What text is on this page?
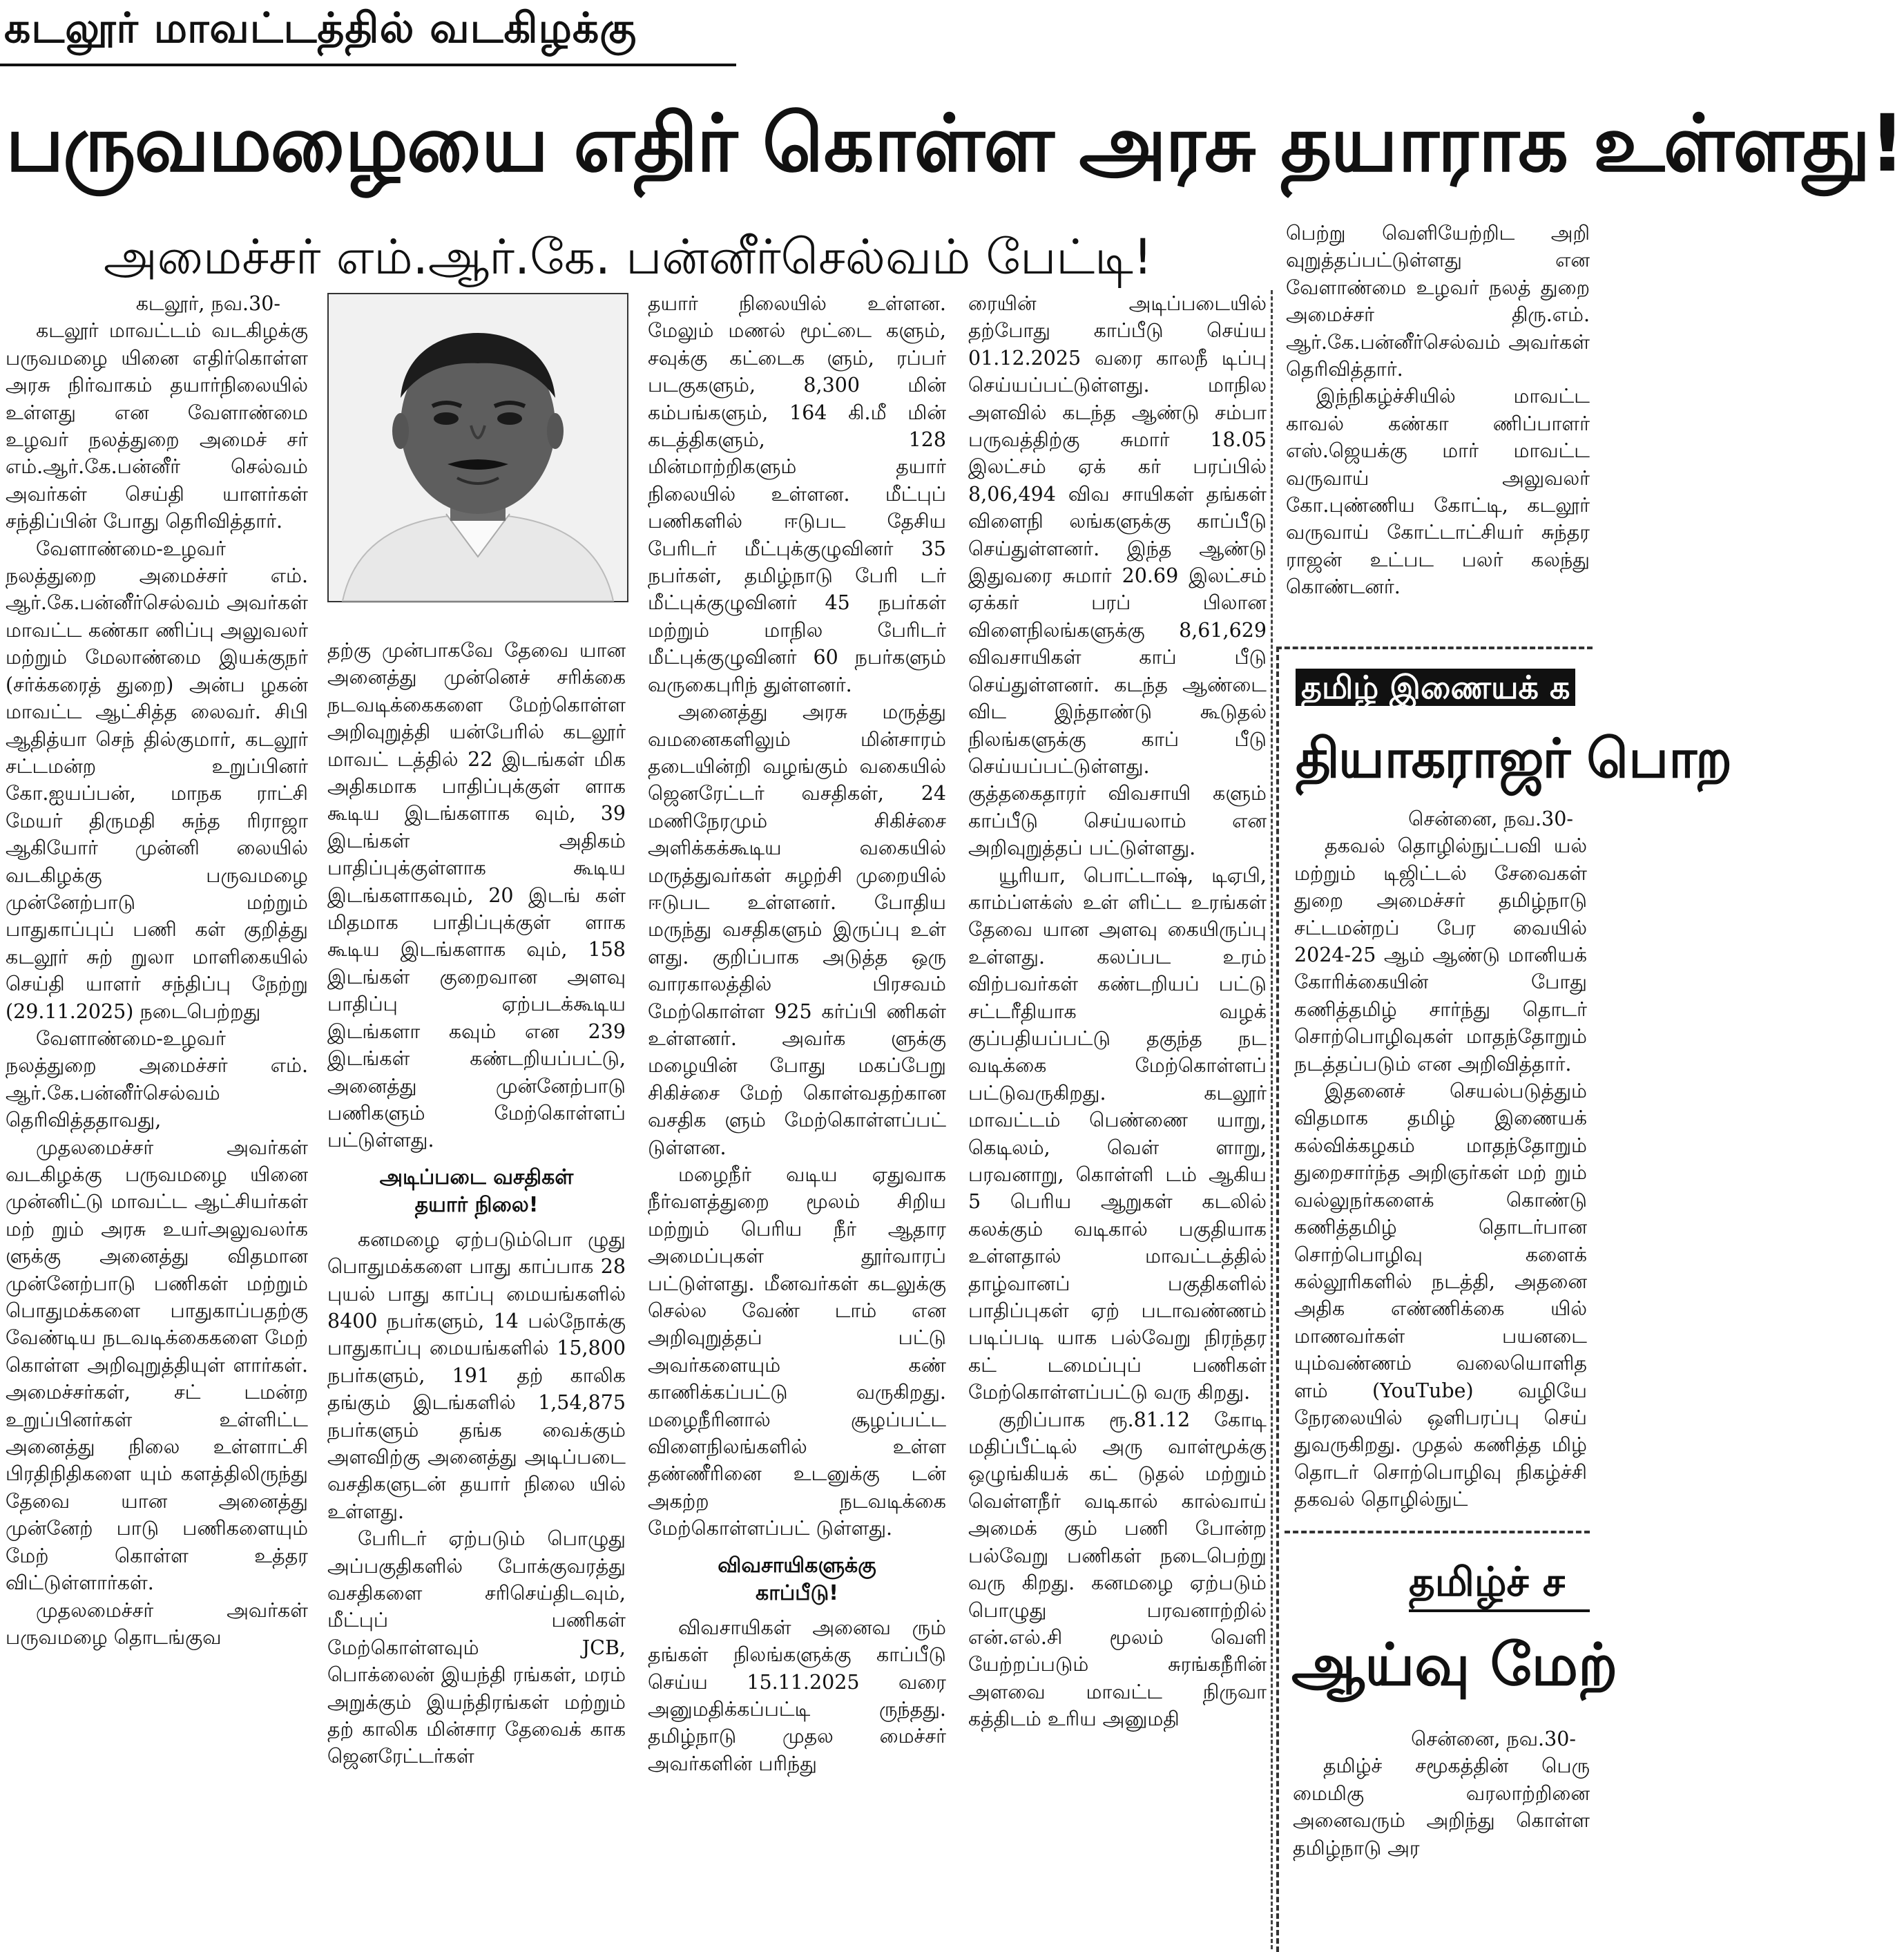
கடலூர் மாவட்டத்தில் வடகிழக்கு
பருவமழையை எதிர் கொள்ள அரசு தயாராக உள்ளது!
அமைச்சர் எம்.ஆர்.கே. பன்னீர்செல்வம் பேட்டி!

கடலூர், நவ.30-

கடலூர் மாவட்டம் வடகிழக்கு பருவமழை யினை எதிர்கொள்ள அரசு நிர்வாகம் தயார்நிலையில் உள்ளது என வேளாண்மை உழவர் நலத்துறை அமைச் சர் எம்.ஆர்.கே.பன்னீர் செல்வம் அவர்கள் செய்தி யாளர்கள் சந்திப்பின் போது தெரிவித்தார்.

வேளாண்மை-உழவர் நலத்துறை அமைச்சர் எம். ஆர்.கே.பன்னீர்செல்வம் அவர்கள் மாவட்ட கண்கா ணிப்பு அலுவலர் மற்றும் மேலாண்மை இயக்குநர் (சர்க்கரைத் துறை) அன்ப ழகன் மாவட்ட ஆட்சித்த லைவர். சிபி ஆதித்யா செந் தில்குமார், கடலூர் சட்டமன்ற உறுப்பினர் கோ.ஐயப்பன், மாநக ராட்சி மேயர் திருமதி சுந்த ரிராஜா ஆகியோர் முன்னி லையில் வடகிழக்கு பருவமழை முன்னேற்பாடு மற்றும் பாதுகாப்புப் பணி கள் குறித்து கடலூர் சுற் றுலா மாளிகையில் செய்தி யாளர் சந்திப்பு நேற்று (29.11.2025) நடைபெற்றது

வேளாண்மை-உழவர் நலத்துறை அமைச்சர் எம். ஆர்.கே.பன்னீர்செல்வம் தெரிவித்ததாவது,

முதலமைச்சர் அவர்கள் வடகிழக்கு பருவமழை யினை முன்னிட்டு மாவட்ட ஆட்சியர்கள் மற் றும் அரசு உயர்அலுவலர்க ளுக்கு அனைத்து விதமான முன்னேற்பாடு பணிகள் மற்றும் பொதுமக்களை பாதுகாப்பதற்கு வேண்டிய நடவடிக்கைகளை மேற் கொள்ள அறிவுறுத்தியுள் ளார்கள். அமைச்சர்கள், சட் டமன்ற உறுப்பினர்கள் உள்ளிட்ட அனைத்து நிலை உள்ளாட்சி பிரதிநிதிகளை யும் களத்திலிருந்து தேவை யான அனைத்து முன்னேற் பாடு பணிகளையும் மேற் கொள்ள உத்தர விட்டுள்ளார்கள்.

முதலமைச்சர் அவர்கள் பருவமழை தொடங்குவ

தற்கு முன்பாகவே தேவை யான அனைத்து முன்னெச் சரிக்கை நடவடிக்கைகளை மேற்கொள்ள அறிவுறுத்தி யன்பேரில் கடலூர் மாவட் டத்தில் 22 இடங்கள் மிக அதிகமாக பாதிப்புக்குள் ளாக கூடிய இடங்களாக வும், 39 இடங்கள் அதிகம் பாதிப்புக்குள்ளாக கூடிய இடங்களாகவும், 20 இடங் கள் மிதமாக பாதிப்புக்குள் ளாக கூடிய இடங்களாக வும், 158 இடங்கள் குறைவான அளவு பாதிப்பு ஏற்படக்கூடிய இடங்களா கவும் என 239 இடங்கள் கண்டறியப்பட்டு, அனைத்து முன்னேற்பாடு பணிகளும் மேற்கொள்ளப் பட்டுள்ளது.

அடிப்படை வசதிகள்
தயார் நிலை!

கனமழை ஏற்படும்பொ ழுது பொதுமக்களை பாது காப்பாக 28 புயல் பாது காப்பு மையங்களில் 8400 நபர்களும், 14 பல்நோக்கு பாதுகாப்பு மையங்களில் 15,800 நபர்களும், 191 தற் காலிக தங்கும் இடங்களில் 1,54,875 நபர்களும் தங்க வைக்கும் அளவிற்கு அனைத்து அடிப்படை வசதிகளுடன் தயார் நிலை யில் உள்ளது.

பேரிடர் ஏற்படும் பொழுது அப்பகுதிகளில் போக்குவரத்து வசதிகளை சரிசெய்திடவும், மீட்புப் பணிகள் மேற்கொள்ளவும் JCB, பொக்லைன் இயந்தி ரங்கள், மரம் அறுக்கும் இயந்திரங்கள் மற்றும் தற் காலிக மின்சார தேவைக் காக ஜெனரேட்டர்கள்

தயார் நிலையில் உள்ளன. மேலும் மணல் மூட்டை களும், சவுக்கு கட்டைக ளும், ரப்பர் படகுகளும், 8,300 மின் கம்பங்களும், 164 கி.மீ மின் கடத்திகளும், 128 மின்மாற்றிகளும் தயார் நிலையில் உள்ளன. மீட்புப் பணிகளில் ஈடுபட தேசிய பேரிடர் மீட்புக்குழுவினர் 35 நபர்கள், தமிழ்நாடு பேரி டர் மீட்புக்குழுவினர் 45 நபர்கள் மற்றும் மாநில பேரிடர் மீட்புக்குழுவினர் 60 நபர்களும் வருகைபுரிந் துள்ளனர்.

அனைத்து அரசு மருத்து வமனைகளிலும் மின்சாரம் தடையின்றி வழங்கும் வகையில் ஜெனரேட்டர் வசதிகள், 24 மணிநேரமும் சிகிச்சை அளிக்கக்கூடிய வகையில் மருத்துவர்கள் சுழற்சி முறையில் ஈடுபட உள்ளனர். போதிய மருந்து வசதிகளும் இருப்பு உள் ளது. குறிப்பாக அடுத்த ஒரு வாரகாலத்தில் பிரசவம் மேற்கொள்ள 925 கர்ப்பி ணிகள் உள்ளனர். அவர்க ளுக்கு மழையின் போது மகப்பேறு சிகிச்சை மேற் கொள்வதற்கான வசதிக ளும் மேற்கொள்ளப்பட் டுள்ளன.

மழைநீர் வடிய ஏதுவாக நீர்வளத்துறை மூலம் சிறிய மற்றும் பெரிய நீர் ஆதார அமைப்புகள் தூர்வாரப் பட்டுள்ளது. மீனவர்கள் கடலுக்கு செல்ல வேண் டாம் என அறிவுறுத்தப் பட்டு அவர்களையும் கண் காணிக்கப்பட்டு வருகிறது. மழைநீரினால் சூழப்பட்ட விளைநிலங்களில் உள்ள தண்ணீரினை உடனுக்கு டன் அகற்ற நடவடிக்கை மேற்கொள்ளப்பட் டுள்ளது.

விவசாயிகளுக்கு
காப்பீடு!

விவசாயிகள் அனைவ ரும் தங்கள் நிலங்களுக்கு காப்பீடு செய்ய 15.11.2025 வரை அனுமதிக்கப்பட்டி ருந்தது. தமிழ்நாடு முதல மைச்சர் அவர்களின் பரிந்து

ரையின் அடிப்படையில் தற்போது காப்பீடு செய்ய 01.12.2025 வரை காலநீ டிப்பு செய்யப்பட்டுள்ளது. மாநில அளவில் கடந்த ஆண்டு சம்பா பருவத்திற்கு சுமார் 18.05 இலட்சம் ஏக் கர் பரப்பில் 8,06,494 விவ சாயிகள் தங்கள் விளைநி லங்களுக்கு காப்பீடு செய்துள்ளனர். இந்த ஆண்டு இதுவரை சுமார் 20.69 இலட்சம் ஏக்கர் பரப் பிலான விளைநிலங்களுக்கு 8,61,629 விவசாயிகள் காப் பீடு செய்துள்ளனர். கடந்த ஆண்டை விட இந்தாண்டு கூடுதல் நிலங்களுக்கு காப் பீடு செய்யப்பட்டுள்ளது. குத்தகைதாரர் விவசாயி களும் காப்பீடு செய்யலாம் என அறிவுறுத்தப் பட்டுள்ளது.

யூரியா, பொட்டாஷ், டிஏபி, காம்ப்ளக்ஸ் உள் ளிட்ட உரங்கள் தேவை யான அளவு கையிருப்பு உள்ளது. கலப்பட உரம் விற்பவர்கள் கண்டறியப் பட்டு சட்டரீதியாக வழக் குப்பதியப்பட்டு தகுந்த நட வடிக்கை மேற்கொள்ளப் பட்டுவருகிறது. கடலூர் மாவட்டம் பெண்ணை யாறு, கெடிலம், வெள் ளாறு, பரவனாறு, கொள்ளி டம் ஆகிய 5 பெரிய ஆறுகள் கடலில் கலக்கும் வடிகால் பகுதியாக உள்ளதால் மாவட்டத்தில் தாழ்வானப் பகுதிகளில் பாதிப்புகள் ஏற் படாவண்ணம் படிப்படி யாக பல்வேறு நிரந்தர கட் டமைப்புப் பணிகள் மேற்கொள்ளப்பட்டு வரு கிறது.

குறிப்பாக ரூ.81.12 கோடி மதிப்பீட்டில் அரு வாள்மூக்கு ஒழுங்கியக் கட் டுதல் மற்றும் வெள்ளநீர் வடிகால் கால்வாய் அமைக் கும் பணி போன்ற பல்வேறு பணிகள் நடைபெற்று வரு கிறது. கனமழை ஏற்படும் பொழுது பரவனாற்றில் என்.எல்.சி மூலம் வெளி யேற்றப்படும் சுரங்கநீரின் அளவை மாவட்ட நிருவா கத்திடம் உரிய அனுமதி

பெற்று வெளியேற்றிட அறி வுறுத்தப்பட்டுள்ளது என வேளாண்மை உழவர் நலத் துறை அமைச்சர் திரு.எம். ஆர்.கே.பன்னீர்செல்வம் அவர்கள் தெரிவித்தார்.

இந்நிகழ்ச்சியில் மாவட்ட காவல் கண்கா ணிப்பாளர் எஸ்.ஜெயக்கு மார் மாவட்ட வருவாய் அலுவலர் கோ.புண்ணிய கோட்டி, கடலூர் வருவாய் கோட்டாட்சியர் சுந்தர ராஜன் உட்பட பலர் கலந்து கொண்டனர்.

தமிழ் இணையக் க
தியாகராஜர் பொற

சென்னை, நவ.30-

தகவல் தொழில்நுட்பவி யல் மற்றும் டிஜிட்டல் சேவைகள் துறை அமைச்சர் தமிழ்நாடு சட்டமன்றப் பேர வையில் 2024-25 ஆம் ஆண்டு மானியக் கோரிக்கையின் போது கணித்தமிழ் சார்ந்து தொடர் சொற்பொழிவுகள் மாதந்தோறும் நடத்தப்படும் என அறிவித்தார்.

இதனைச் செயல்படுத்தும் விதமாக தமிழ் இணையக் கல்விக்கழகம் மாதந்தோறும் துறைசார்ந்த அறிஞர்கள் மற் றும் வல்லுநர்களைக் கொண்டு கணித்தமிழ் தொடர்பான சொற்பொழிவு களைக் கல்லூரிகளில் நடத்தி, அதனை அதிக எண்ணிக்கை யில் மாணவர்கள் பயனடை யும்வண்ணம் வலையொளித ளம் (YouTube) வழியே நேரலையில் ஒளிபரப்பு செய் துவருகிறது. முதல் கணித்த மிழ் தொடர் சொற்பொழிவு நிகழ்ச்சி தகவல் தொழில்நுட்

தமிழ்ச் ச
ஆய்வு மேற்

சென்னை, நவ.30-

தமிழ்ச் சமூகத்தின் பெரு மைமிகு வரலாற்றினை அனைவரும் அறிந்து கொள்ள தமிழ்நாடு அர
